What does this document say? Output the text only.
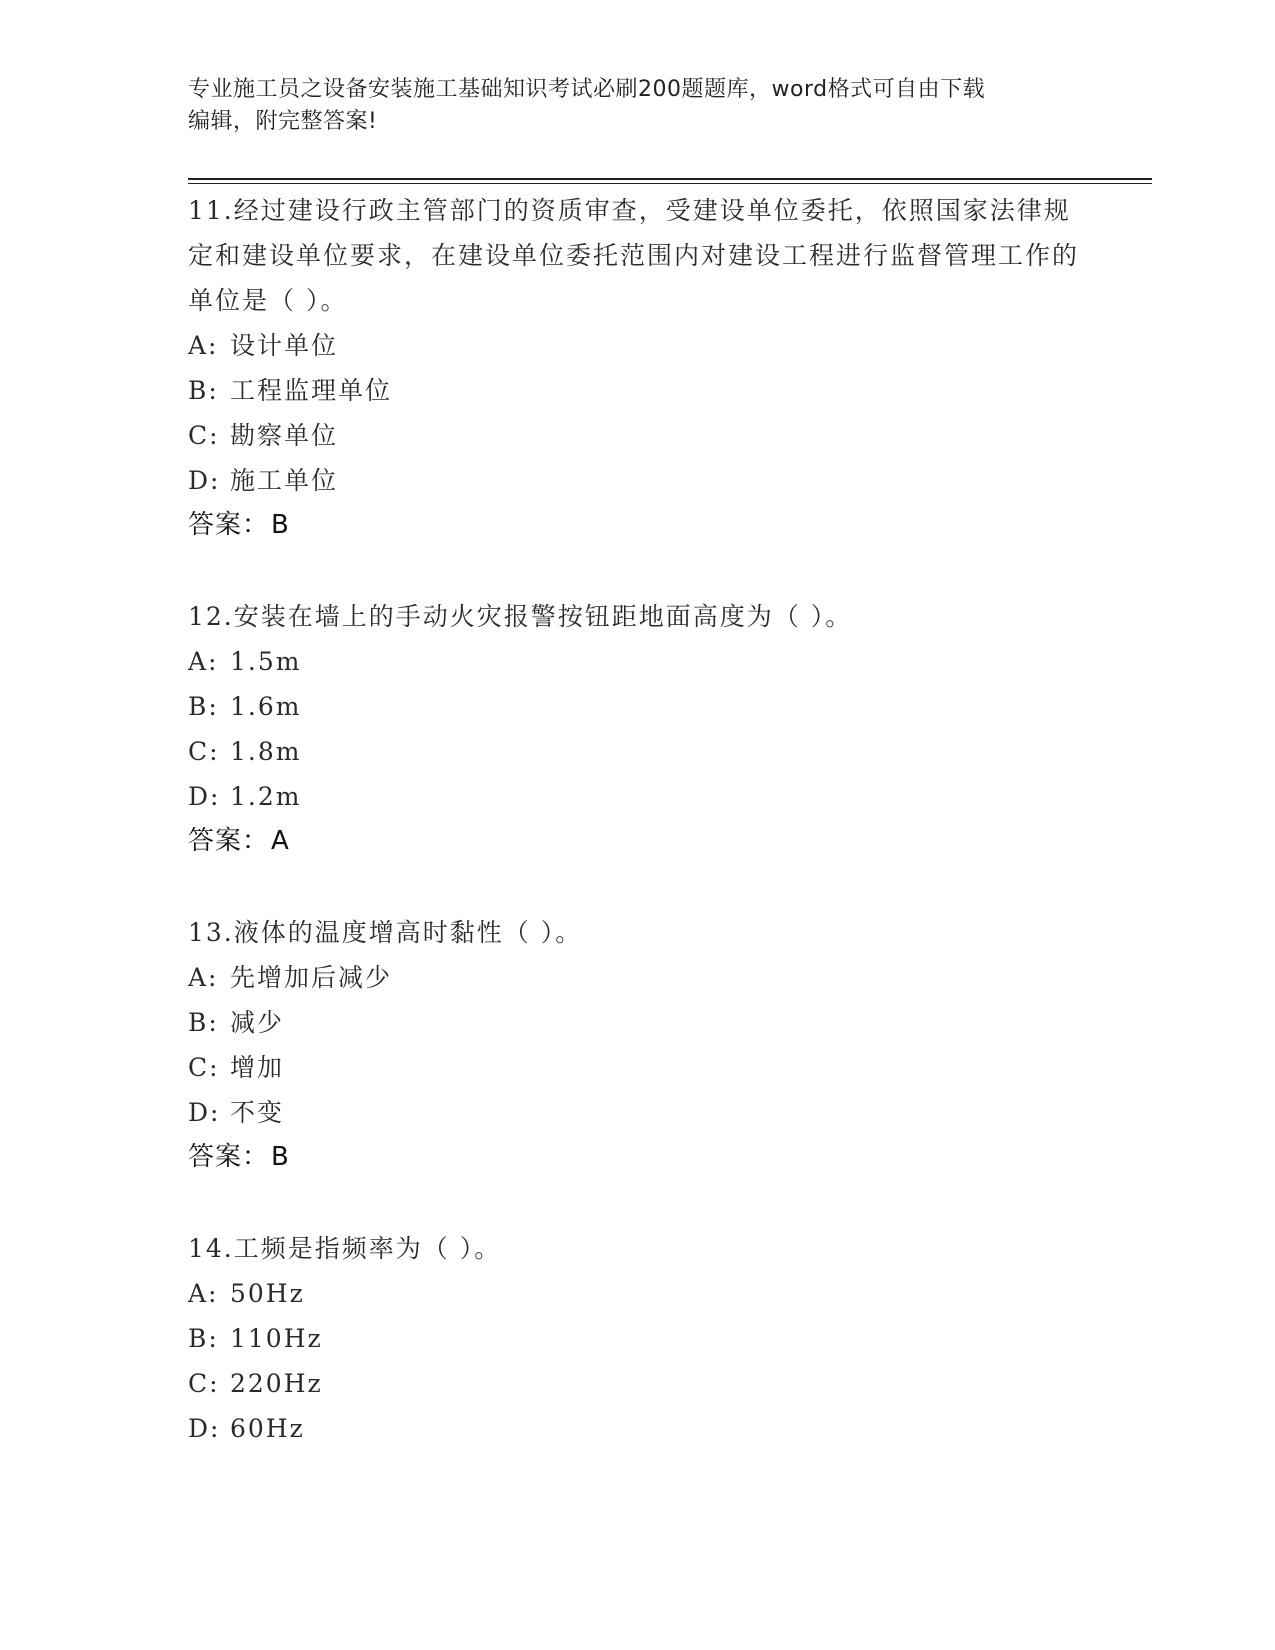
专业施工员之设备安装施工基础知识考试必刷200题题库，word格式可自由下载
编辑，附完整答案!

11.经过建设行政主管部门的资质审查，受建设单位委托，依照国家法律规定和建设单位要求，在建设单位委托范围内对建设工程进行监督管理工作的单位是（ ）。

A: 设计单位
B: 工程监理单位
C: 勘察单位
D: 施工单位
答案：B

12.安装在墙上的手动火灾报警按钮距地面高度为（ ）。

A: 1.5m
B: 1.6m
C: 1.8m
D: 1.2m
答案：A

13.液体的温度增高时黏性（ ）。

A: 先增加后减少
B: 减少
C: 增加
D: 不变
答案：B

14.工频是指频率为（ ）。

A: 50Hz
B: 110Hz
C: 220Hz
D: 60Hz
